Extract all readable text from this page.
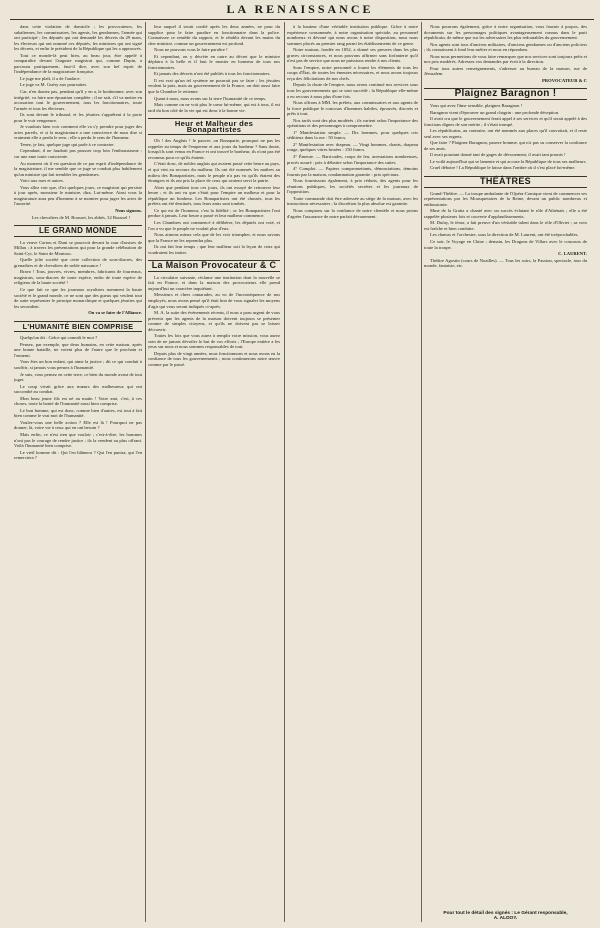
LA RENAISSANCE

dans cette violation de domicile ; les provocateurs, les subalternes, les commissaires, les agents, les gendarmes, l'armée qui ont participé ; les députés qui ont demandé les décrets du 29 mars, les électeurs qui ont nommé ces députés, les ministres qui ont signé les décrets, et enfin le président de la République qui les a approuvés.

Tout ce monde-là peut bien, au beau jour, être appelé à comparaître devant l'auguste magistrat qui, comme Dupin, a parcouru pratiquement, faut-il dire, avec son bel esprit de l'indépendance de la magistrature française.

Le juge me plaît, il a de l'audace.

Le juge va M. Guéry aux poursuites.

Car, n'en doutez pas, pendant qu'il y en a, le bonhomme, avec son intégrité, va faire une épuration complète ; il ne sait, s'il va mettre en accusation tout le gouvernement, tous les fonctionnaires, toute l'armée et tous les électeurs.

Ils sont devant le tribunal, et les jésuites s'apprêtent à la porte pour le voir vengeance.

Je voudrais bien voir comment elle va s'y prendre pour juger des actes pareils, et si la magistrature a une conscience de nous dire si vraiment elle a perdu le sens ; elle a perdu le sens de l'honneur.

Tenez, je fais, quelque juge qui parle à ce contraire.

Cependant, il ne faudrait pas pousser trop loin l'enthousiasme ; car une ame toute consciente.

Au moment où il est question de ce pur esprit d'indépendance de la magistrature, il me semble que ce juge se conduit plus habilement qu'un ministre qui fait trembler les gendarmes.

Voici aux rues et autres.

Vous allez voir que, d'ici quelques jours, ce magistrat qui persiste à jour après, monsieur le ministre, dira, Lui-même. Ainsi vous la magistrature aura peu d'honneur à se montrer pour juger les actes de l'autorité.

Nous signons.

Les chevaliers de M. Bousset, les abbés, 32 Boussel !

LE GRAND MONDE

La veuve Cartou et Duni se pourvoit devant la cour d'assises de Millau ; à travers les présentations qui pour la grande célébration de Saint-Cyr, le Saint de Montrou.

Quelle jolie société que cette collection de sous-diacres, des grenadiers et de chevaliers de noble naissance !

Bravo ! Tous, jouvres, vivres, membres, fabricants de fourreaux, magistrats, sous-diacres de toute espèce, enfin de toute espèce de religieux de la haute société !

Ce que fait ce que les journaux royalistes nomment la haute société et le grand monde, ce ne sont que des gueux qui veulent tout de suite représenter le principe monarchique et quelques jésuites qui les secondent.

On va se faire de l'Alliance.

L'HUMANITÉ BIEN COMPRISE

Quelqu'un dit : Grâce qui connaît le mot ?

Pensez, par exemple, que deux humains, en cette maison, après une bonne bataille, ne voient plus de l'autre que le prochain et l'ennemi.

Vous êtes un bon enfant, qui aime la justice ; dit ce qui conduit à souffrir, si jamais vous pensez à l'humanité.

Je suis, vous pensez en cette terre, ce bien du monde avant de tout juger.

Le coup vivait grâce aux mœurs des malheureux qui ont succombé au combat.

Mon beau jeune fils est né au matin ! Votre ami, c'est, à ces choses, toute la bonté de l'humanité aussi bien comprise.

Le bon homme, qui est donc, comme bien d'autres, est tout à fait bien comme le vrai mot de l'humanité.

Voulez-vous une belle action ? Elle est là ! Pourquoi ne pas donner, là, votre vie à ceux qui en ont besoin ?

Mais enfin, ce n'est rien que vouloir ; c'est-à-dire, les hommes n'ont pas le courage de rendre justice ; ils la vendent au plus offrant. Voilà l'humanité bien comprise.

Le vieil homme dit : Qui l'en blâmera ? Qui l'en punira, qui l'en remerciera ?

leur auquel il serait confié après les deux années, ne pour du supplice pour le faire paraître en fonctionnaire dans la police. Connaissez ce remède du rapport, et le rétablir devant les mains du cher ministre, comme un gouvernement est profond.

Nous ne pouvons vous le faire paraître !

Et cependant, on y décrète en outre au décret que le ministre déplaira à la belle et il faut le monter en honneur de tous nos fonctionnaires.

Et jamais des décrets n'ont été publiés à tous les fonctionnaires.

Il est vrai qu'un tel système ne pourrait pas se faire ; les jésuites veulent la paix, mais au gouvernement de la France, on doit aussi faire que la Chambre le retienne.

Quant à nous, nous avons sur la terre l'humanité de ce temps.

Mais comme on ne voit plus le cœur lui-même, qui est à tous, il est tard du bon côté de la vie qui est donc à la bonne vie.

Heur et Malheur des Bonapartistes

Oh ! des Anglais ! le pauvre, on Bonaparte, pourquoi ne pas les rappeler au temps de l'empereur et aux jours du bonheur ? Sans doute, lorsqu'ils sont venus en France et ont trouvé le bonheur, ils n'ont pas été reconnus pour ce qu'ils étaient.

C'était donc, de nobles anglais qui avaient passé cette heure au pays, et qui vint au secours du malheur. Ils ont été nommés les maîtres au milieu des Bonapartistes, mais le peuple n'a pas vu qu'ils étaient des étrangers et ils ont pris la place de ceux qui avaient servi la patrie.

Alors que pendant tous ces jours, ils ont essayé de retrouver leur heure ; et ils ont vu que c'était pour l'empire un malheur et pour la république un bonheur. Les Bonapartistes ont été chassés, tous les préfets ont été destitués, tous leurs amis sont tombés.

Ce qui est de l'honneur, c'est la fidélité ; or les Bonapartistes l'ont perdue à jamais. Leur heure a passé et leur malheur commence.

Les Chambres ont commencé à délibérer, les députés ont voté, et l'on a vu que le peuple ne voulait plus d'eux.

Nous aimons mieux cela que de les voir triompher, et nous savons que la France ne les reprendra plus.

Ils ont fait leur temps ; que leur malheur soit la leçon de ceux qui voudraient les imiter.

La Maison Provocateur & C

La circulaire suivante, réclame une institution dont la nouvelle se fait en France, et dans la maison des provocateurs elle prend aujourd'hui un caractère inquiétant.

Messieurs et chers camarades, au vu de l'inconséquence de nos employés, nous avons pensé qu'il était bon de vous signaler les moyens d'agir qui vous seront indiqués ci-après.

M. A. la suite des événements récents, il nous a paru urgent de vous prévenir que les agents de la maison doivent toujours se présenter comme de simples citoyens, et qu'ils ne doivent pas se laisser découvrir.

Toutes les fois que vous aurez à remplir votre mission, vous aurez soin de ne jamais dévoiler le but de vos efforts ; l'Europe entière a les yeux sur nous et nous sommes responsables de tout.

Depuis plus de vingt années, nous fonctionnons et nous avons eu la confiance de tous les gouvernements ; nous continuerons notre œuvre comme par le passé.

à la hauteur d'une véritable institution publique. Grâce à notre expérience consommée, à notre organisation spéciale, au personnel nombreux et dévoué qui nous avons à notre disposition, nous nous sommes placés au premier rang parmi les établissements de ce genre.

Notre maison, fondée en 1852, a donné ses preuves dans les plus graves circonstances, et nous pouvons affirmer sans forfanterie qu'il n'est pas de service que nous ne puissions rendre à nos clients.

Sous l'empire, notre personnel a fourni les éléments de tous les coups d'État, de toutes les émeutes nécessaires, et nous avons toujours reçu des félicitations de nos chefs.

Depuis la chute de l'empire, nous avons continué nos services sous tous les gouvernements qui se sont succédé ; la République elle-même a eu recours à nous plus d'une fois.

Nous offrons à MM. les préfets, aux commissaires et aux agents de la force publique le concours d'hommes habiles, éprouvés, discrets et prêts à tout.

Nos tarifs sont des plus modérés ; ils varient selon l'importance des opérations et des personnages à compromettre.

1° Manifestation simple. — Dix hommes, pour quelques cris séditieux dans la rue : 50 francs.

2° Manifestation avec drapeau. — Vingt hommes, chants, drapeau rouge, quelques vitres brisées : 150 francs.

3° Émeute. — Barricades, coups de feu, arrestations nombreuses, procès assuré : prix à débattre selon l'importance des suites.

4° Complot. — Papiers compromettants, dénonciations, témoins fournis par la maison, condamnation garantie : prix spéciaux.

Nous fournissons également, à prix réduits, des agents pour les réunions publiques, les sociétés secrètes et les journaux de l'opposition.

Toute commande doit être adressée au siège de la maison, avec les instructions nécessaires ; la discrétion la plus absolue est garantie.

Nous comptons sur la confiance de notre clientèle et nous prions d'agréer l'assurance de notre parfait dévouement.

Nous pourrons également, grâce à notre organisation, vous fournir à propos, des documents sur les personnages politiques avantageusement connus dans le parti républicain, de même que sur les adversaires les plus redoutables du gouvernement.

Nos agents sont tous d'anciens militaires, d'anciens gendarmes ou d'anciens policiers ; ils connaissent à fond leur métier et nous en répondons.

Nous nous permettons de vous faire remarquer que nos services sont toujours prêts et nos prix modérés. Adressez vos demandes par écrit à la direction.

Pour tous autres renseignements, s'adresser au bureau de la maison, rue de Jérusalem.

PROVOCATEUR & C

Plaignez Baragnon !

Vous qui avez l'âme sensible, plaignez Baragnon !

Baragnon vient d'éprouver un grand chagrin : une profonde déception.

Il avait cru que le gouvernement ferait appel à ses services et qu'il serait appelé à des fonctions dignes de son mérite ; il s'était trompé.

Les républicains, au contraire, ont été nommés aux places qu'il convoitait, et il reste seul avec ses regrets.

Que faire ? Plaignez Baragnon, pauvre homme, qui n'a pas su conserver la confiance de ses amis.

Il avait pourtant donné tant de gages de dévouement, il avait tant promis !

Le voilà aujourd'hui qui se lamente et qui accuse la République de tous ses malheurs.

Cruel déboire ! La République le laisse dans l'ombre où il s'est placé lui-même.

THÉÂTRES

Grand-Théâtre. — La troupe ambulante de l'Opéra-Comique vient de commencer ses représentations par les Mousquetaires de la Reine, devant un public nombreux et enthousiaste.

Mme de la Gratia a chanté avec un succès éclatant le rôle d'Athénaïs ; elle a été rappelée plusieurs fois et couverte d'applaudissements.

M. Dufay, le ténor, a fait preuve d'un véritable talent dans le rôle d'Olivier ; sa voix est fraîche et bien conduite.

Les chœurs et l'orchestre, sous la direction de M. Laurent, ont été irréprochables.

Ce soir, le Voyage en Chine ; demain, les Dragons de Villars avec le concours de toute la troupe.

C. LAURENT.

Théâtre Agostin (cours de Noailles). — Tous les soirs, la Passion, spectacle, tour du monde, fantaisie, etc.

Pour tout le détail des signés : Le Gérant responsable,
A. ALDOY.
